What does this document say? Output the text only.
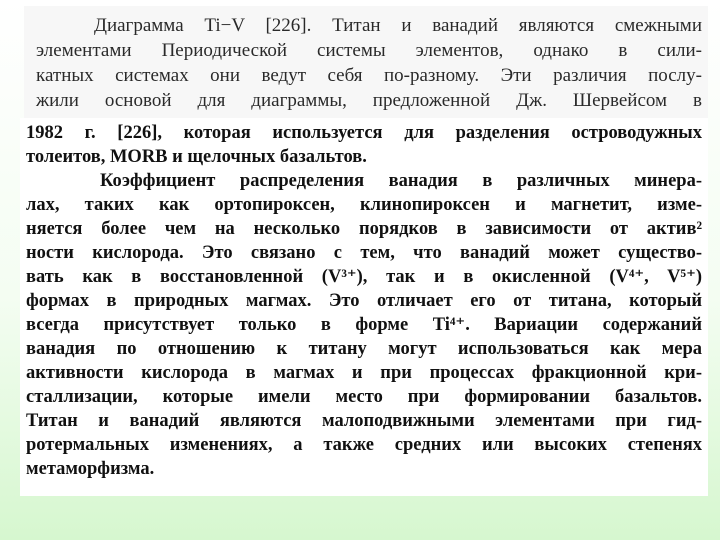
Диаграмма Ti−V [226]. Титан и ванадий являются смежными

элементами Периодической системы элементов, однако в сили-

катных системах они ведут себя по-разному. Эти различия послу-

жили основой для диаграммы, предложенной Дж. Шервейсом в

1982 г. [226], которая используется для разделения островодужных

толеитов, MORB и щелочных базальтов.

Коэффициент распределения ванадия в различных минера-

лах, таких как ортопироксен, клинопироксен и магнетит, изме-

няется более чем на несколько порядков в зависимости от актив²

ности кислорода. Это связано с тем, что ванадий может существо-

вать как в восстановленной (V³⁺), так и в окисленной (V⁴⁺, V⁵⁺)

формах в природных магмах. Это отличает его от титана, который

всегда присутствует только в форме Ti⁴⁺. Вариации содержаний

ванадия по отношению к титану могут использоваться как мера

активности кислорода в магмах и при процессах фракционной кри-

сталлизации, которые имели место при формировании базальтов.

Титан и ванадий являются малоподвижными элементами при гид-

ротермальных изменениях, а также средних или высоких степенях

метаморфизма.
